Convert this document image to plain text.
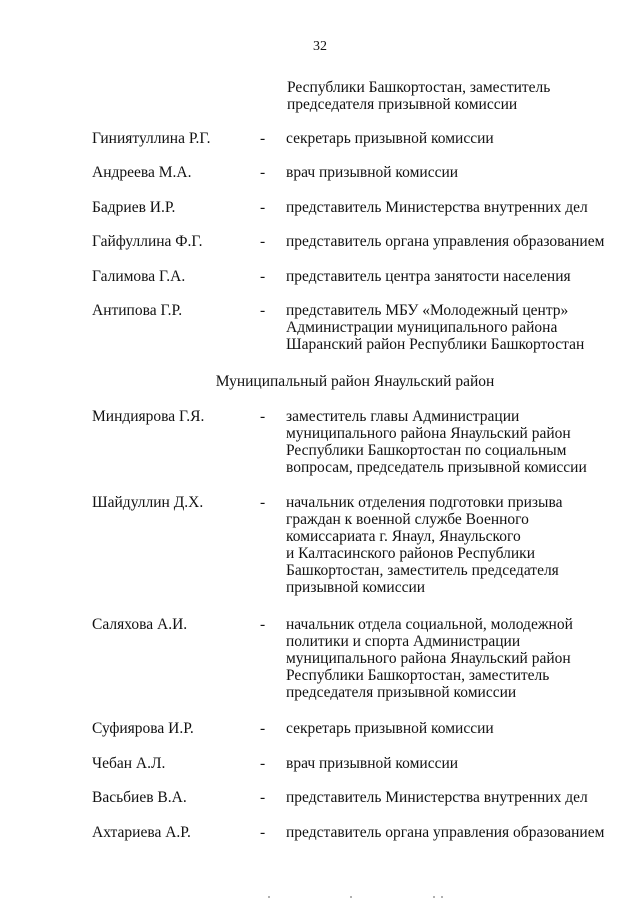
32
Республики Башкортостан, заместитель
председателя призывной комиссии
Гиниятуллина Р.Г.	- секретарь призывной комиссии
Андреева М.А.	- врач призывной комиссии
Бадриев И.Р.	- представитель Министерства внутренних дел
Гайфуллина Ф.Г.	- представитель органа управления образованием
Галимова Г.А.	- представитель центра занятости населения
Антипова Г.Р.	- представитель МБУ «Молодежный центр»
Администрации муниципального района
Шаранский район Республики Башкортостан
Муниципальный район Янаульский район
Миндиярова Г.Я.	- заместитель главы Администрации
муниципального района Янаульский район
Республики Башкортостан по социальным
вопросам, председатель призывной комиссии
Шайдуллин Д.Х.	- начальник отделения подготовки призыва
граждан к военной службе Военного
комиссариата г. Янаул, Янаульского
и Калтасинского районов Республики
Башкортостан, заместитель председателя
призывной комиссии
Саляхова А.И.	- начальник отдела социальной, молодежной
политики и спорта Администрации
муниципального района Янаульский район
Республики Башкортостан, заместитель
председателя призывной комиссии
Суфиярова И.Р.	- секретарь призывной комиссии
Чебан А.Л.	- врач призывной комиссии
Васьбиев В.А.	- представитель Министерства внутренних дел
Ахтариева А.Р.	- представитель органа управления образованием
